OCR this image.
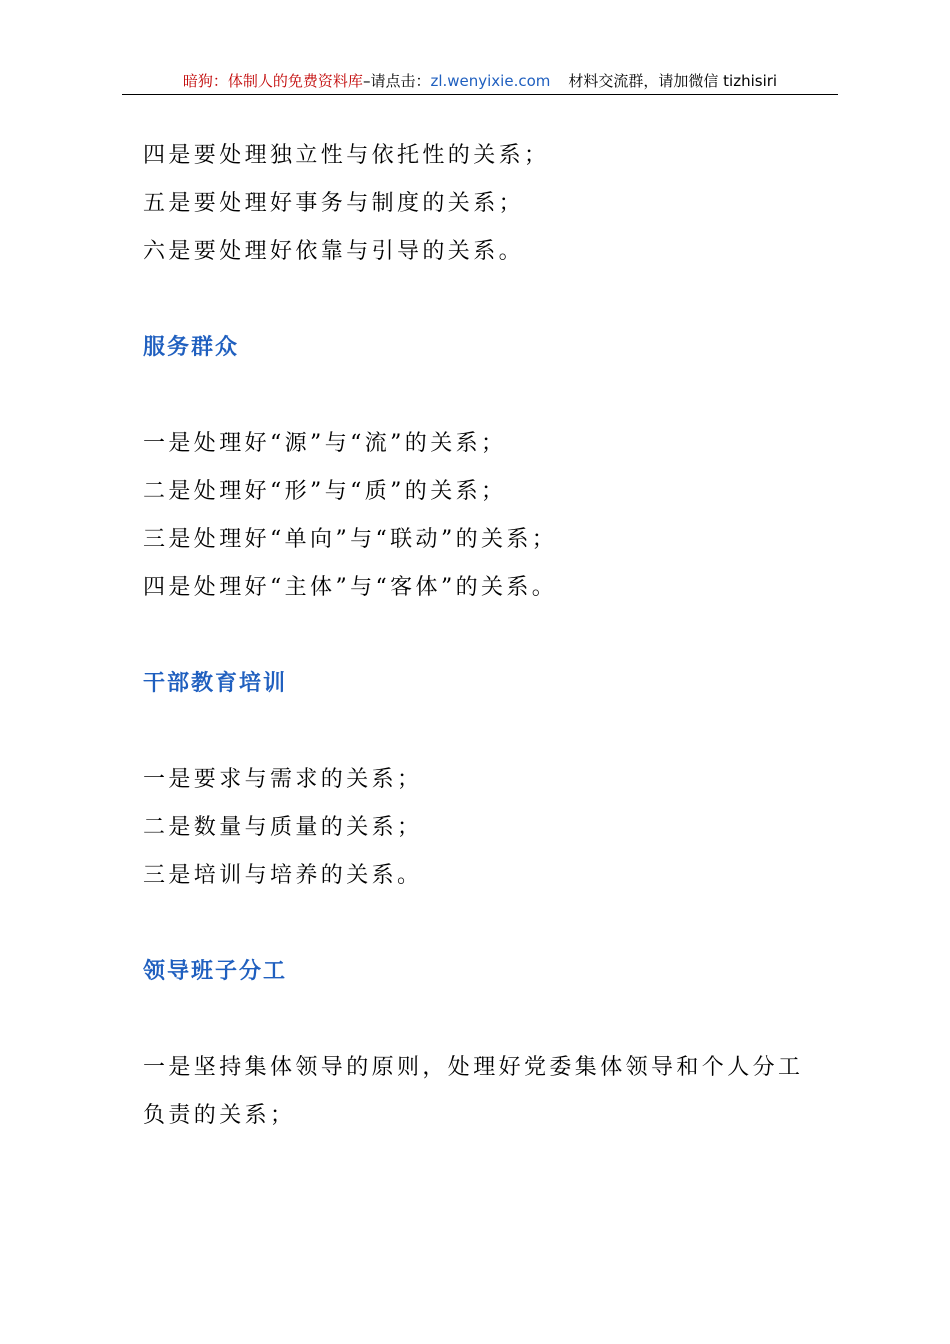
暗狗：体制人的免费资料库–请点击：zl.wenyixie.com 材料交流群，请加微信 tizhisiri

四是要处理独立性与依托性的关系；

五是要处理好事务与制度的关系；

六是要处理好依靠与引导的关系。

服务群众

一是处理好“源”与“流”的关系；

二是处理好“形”与“质”的关系；

三是处理好“单向”与“联动”的关系；

四是处理好“主体”与“客体”的关系。

干部教育培训

一是要求与需求的关系；

二是数量与质量的关系；

三是培训与培养的关系。

领导班子分工

一是坚持集体领导的原则，处理好党委集体领导和个人分工负责的关系；
